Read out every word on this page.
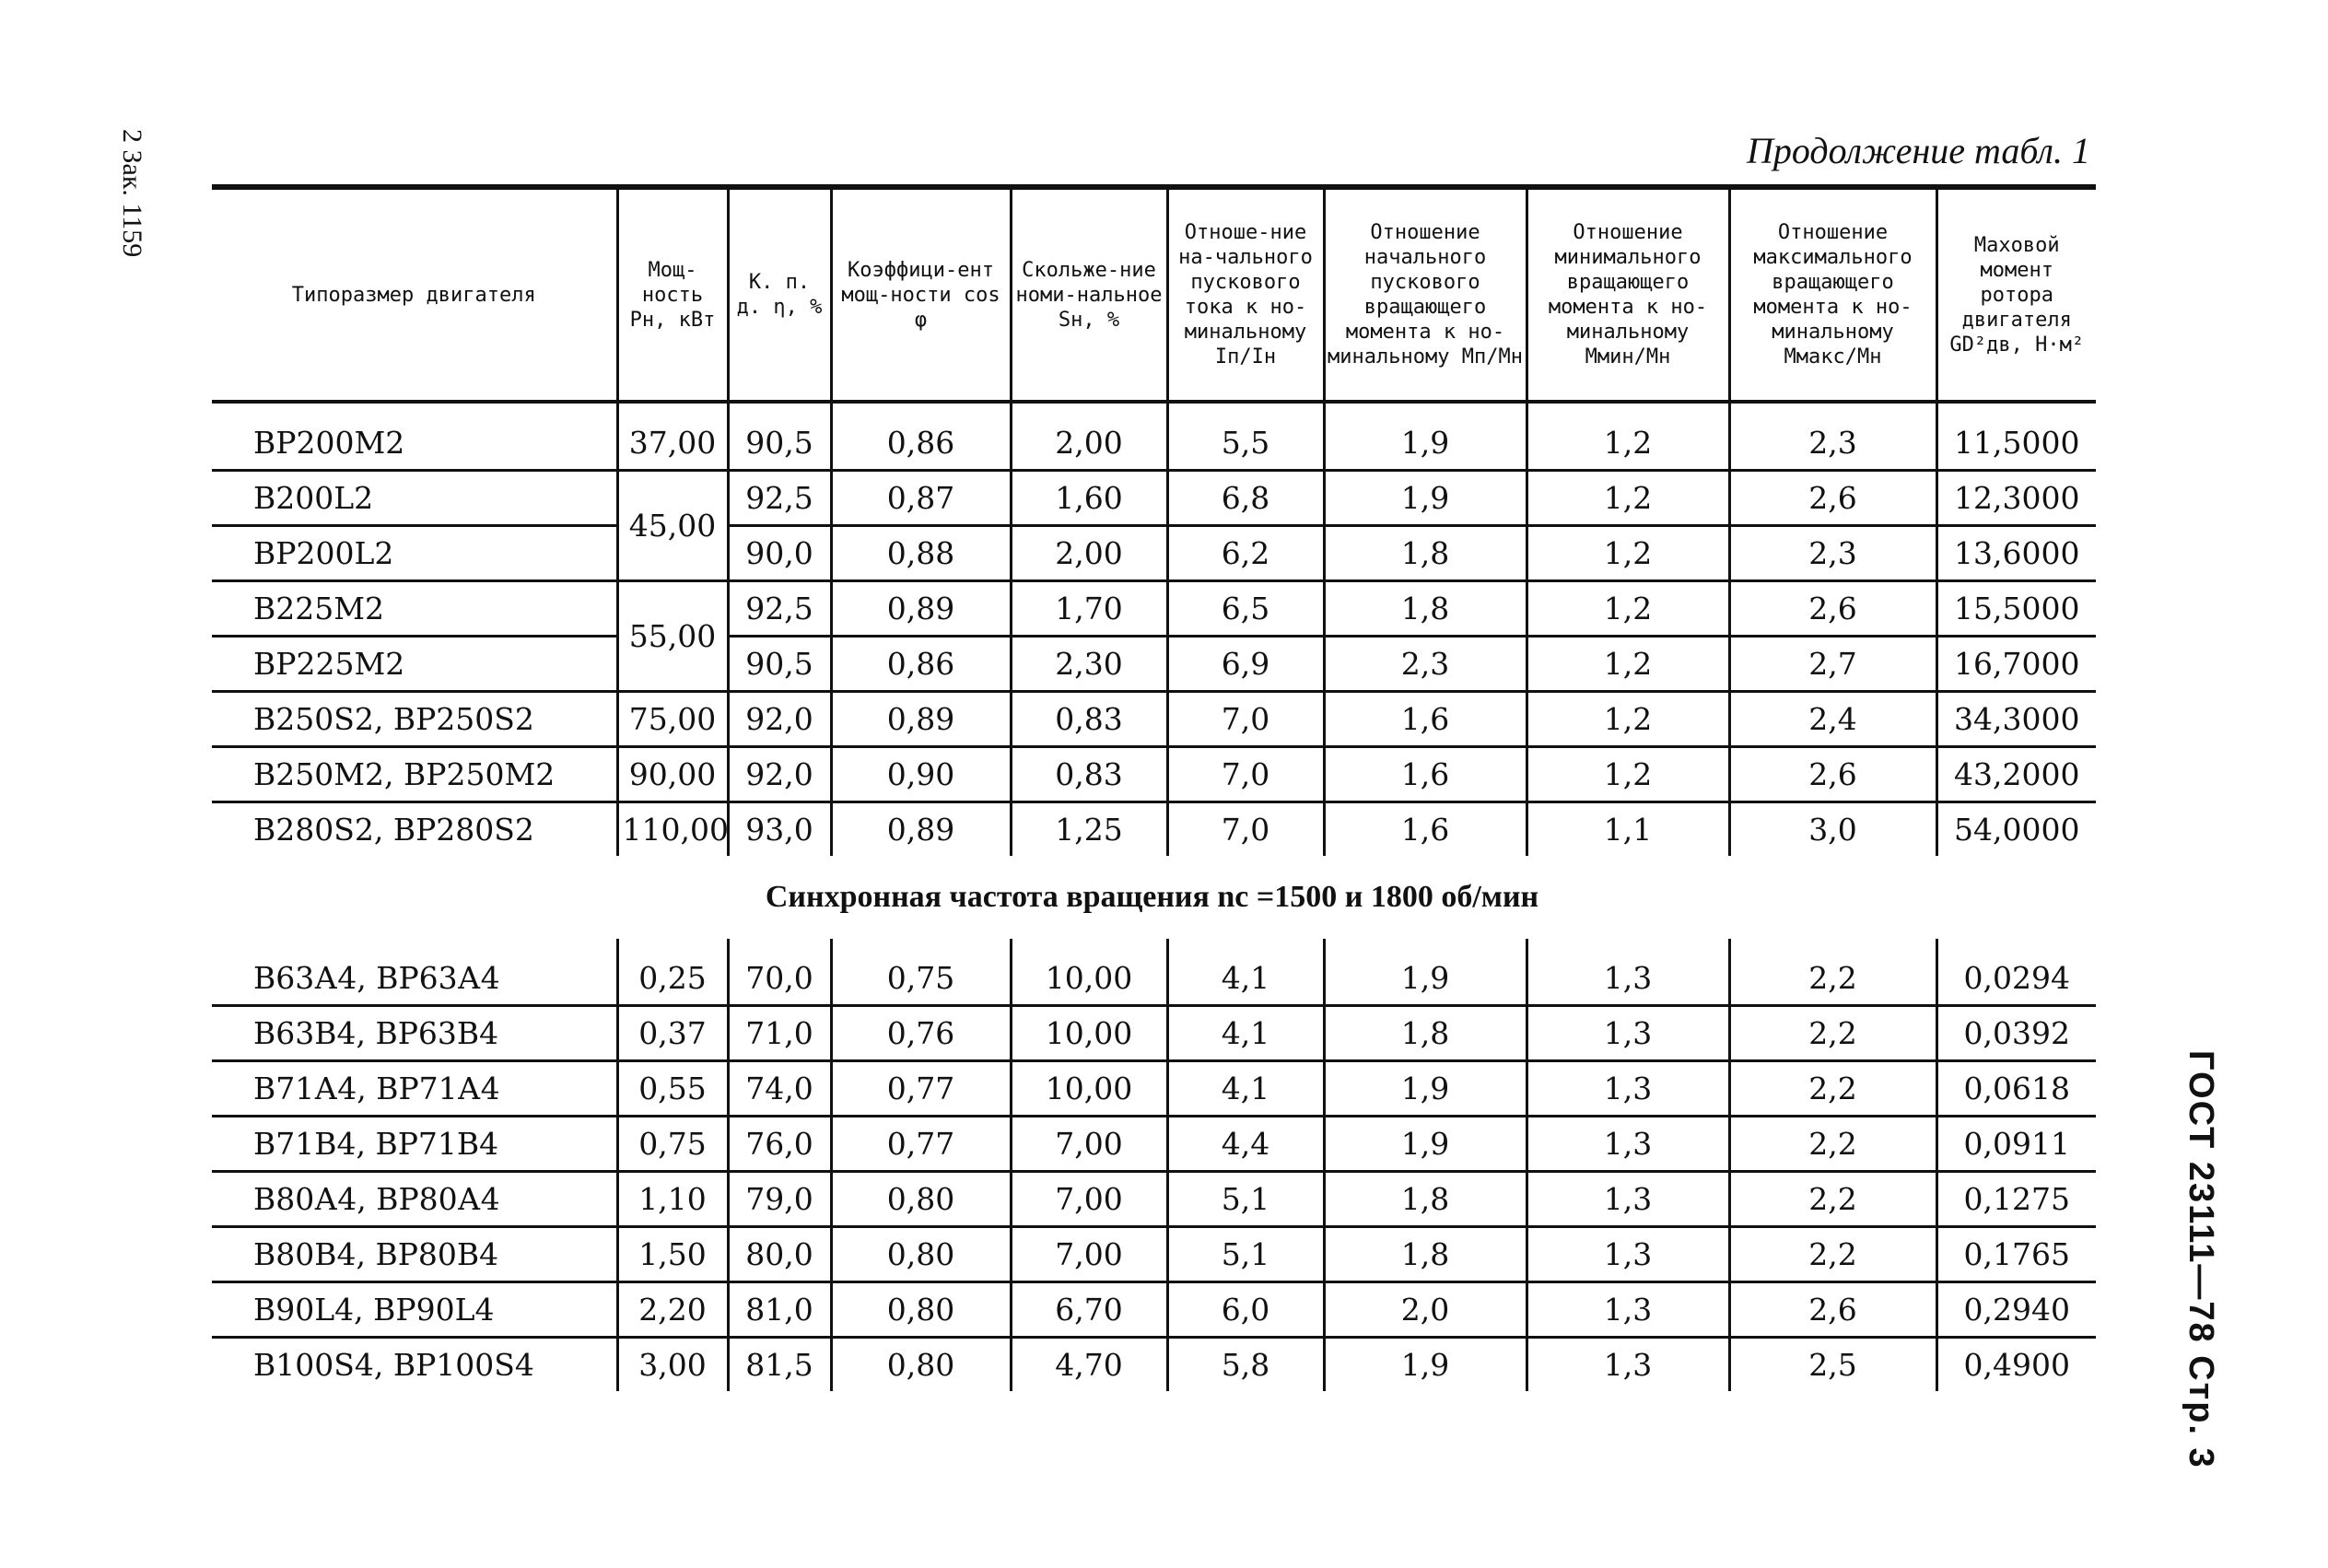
Продолжение табл. 1
2 Зак. 1159
ГОСТ 23111—78 Стр. 3
Типоразмер двигателя	Мощ-ность Pн, кВт	К. п. д. η, %	Коэффици-ент мощ-ности cos φ	Скольже-ние номи-нальное Sн, %	Отноше-ние на-чального пускового тока к но-минальному Iп/Iн	Отношение начального пускового вращающего момента к но-минальному Mп/Mн	Отношение минимального вращающего момента к но-минальному Mмин/Mн	Отношение максимального вращающего момента к но-минальному Mмакс/Mн	Маховой момент ротора двигателя GD²дв, Н·м²
ВР200М2	37,00	90,5	0,86	2,00	5,5	1,9	1,2	2,3	11,5000
В200L2	45,00	92,5	0,87	1,60	6,8	1,9	1,2	2,6	12,3000
ВР200L2		90,0	0,88	2,00	6,2	1,8	1,2	2,3	13,6000
В225М2	55,00	92,5	0,89	1,70	6,5	1,8	1,2	2,6	15,5000
ВР225М2		90,5	0,86	2,30	6,9	2,3	1,2	2,7	16,7000
В250S2, ВР250S2	75,00	92,0	0,89	0,83	7,0	1,6	1,2	2,4	34,3000
В250М2, ВР250М2	90,00	92,0	0,90	0,83	7,0	1,6	1,2	2,6	43,2000
В280S2, ВР280S2	110,00	93,0	0,89	1,25	7,0	1,6	1,1	3,0	54,0000
Синхронная частота вращения nс =1500 и 1800 об/мин									
В63А4, ВР63А4	0,25	70,0	0,75	10,00	4,1	1,9	1,3	2,2	0,0294
В63В4, ВР63В4	0,37	71,0	0,76	10,00	4,1	1,8	1,3	2,2	0,0392
В71А4, ВР71А4	0,55	74,0	0,77	10,00	4,1	1,9	1,3	2,2	0,0618
В71В4, ВР71В4	0,75	76,0	0,77	7,00	4,4	1,9	1,3	2,2	0,0911
В80А4, ВР80А4	1,10	79,0	0,80	7,00	5,1	1,8	1,3	2,2	0,1275
В80В4, ВР80В4	1,50	80,0	0,80	7,00	5,1	1,8	1,3	2,2	0,1765
В90L4, ВР90L4	2,20	81,0	0,80	6,70	6,0	2,0	1,3	2,6	0,2940
В100S4, ВР100S4	3,00	81,5	0,80	4,70	5,8	1,9	1,3	2,5	0,4900
